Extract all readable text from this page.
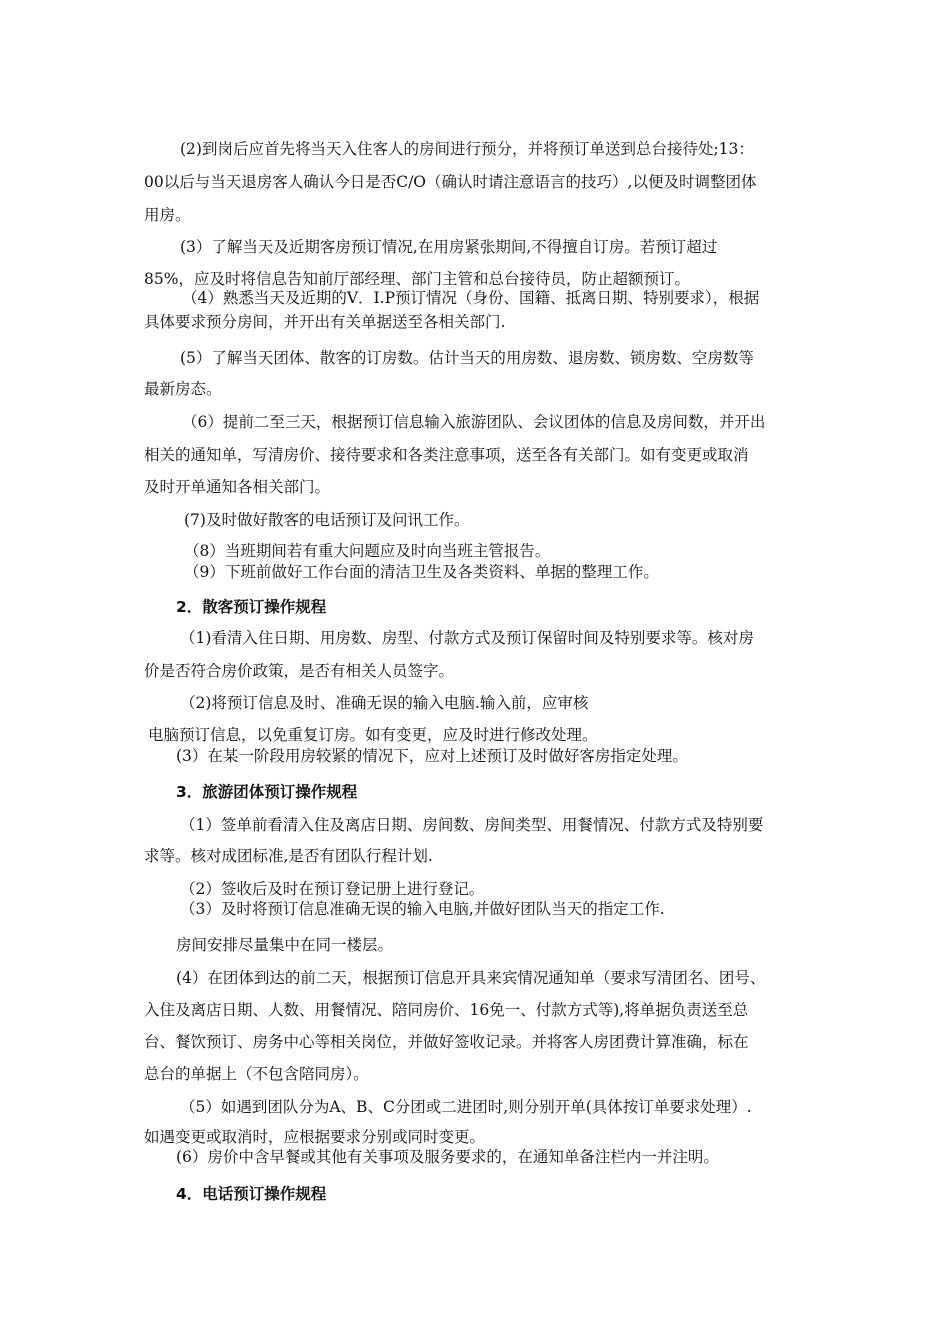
(2)到岗后应首先将当天入住客人的房间进行预分，并将预订单送到总台接待处;13：
00以后与当天退房客人确认今日是否C/O（确认时请注意语言的技巧）,以便及时调整团体
用房。
(3）了解当天及近期客房预订情况,在用房紧张期间,不得擅自订房。若预订超过
85%，应及时将信息告知前厅部经理、部门主管和总台接待员，防止超额预订。
（4）熟悉当天及近期的V．I.P预订情况（身份、国籍、抵离日期、特别要求），根据
具体要求预分房间，并开出有关单据送至各相关部门.
(5）了解当天团体、散客的订房数。估计当天的用房数、退房数、锁房数、空房数等
最新房态。
（6）提前二至三天，根据预订信息输入旅游团队、会议团体的信息及房间数，并开出
相关的通知单，写清房价、接待要求和各类注意事项，送至各有关部门。如有变更或取消
及时开单通知各相关部门。
(7)及时做好散客的电话预订及问讯工作。
（8）当班期间若有重大问题应及时向当班主管报告。
（9）下班前做好工作台面的清洁卫生及各类资料、单据的整理工作。
2．散客预订操作规程
（1)看清入住日期、用房数、房型、付款方式及预订保留时间及特别要求等。核对房
价是否符合房价政策，是否有相关人员签字。
（2)将预订信息及时、准确无误的输入电脑.输入前，应审核
电脑预订信息，以免重复订房。如有变更，应及时进行修改处理。
(3）在某一阶段用房较紧的情况下，应对上述预订及时做好客房指定处理。
3．旅游团体预订操作规程
（1）签单前看清入住及离店日期、房间数、房间类型、用餐情况、付款方式及特别要
求等。核对成团标准,是否有团队行程计划.
（2）签收后及时在预订登记册上进行登记。
（3）及时将预订信息准确无误的输入电脑,并做好团队当天的指定工作.
房间安排尽量集中在同一楼层。
(4）在团体到达的前二天，根据预订信息开具来宾情况通知单（要求写清团名、团号、
入住及离店日期、人数、用餐情况、陪同房价、16免一、付款方式等),将单据负责送至总
台、餐饮预订、房务中心等相关岗位，并做好签收记录。并将客人房团费计算准确，标在
总台的单据上（不包含陪同房）。
（5）如遇到团队分为A、B、C分团或二进团时,则分别开单(具体按订单要求处理）.
如遇变更或取消时，应根据要求分别或同时变更。
(6）房价中含早餐或其他有关事项及服务要求的，在通知单备注栏内一并注明。
4．电话预订操作规程
